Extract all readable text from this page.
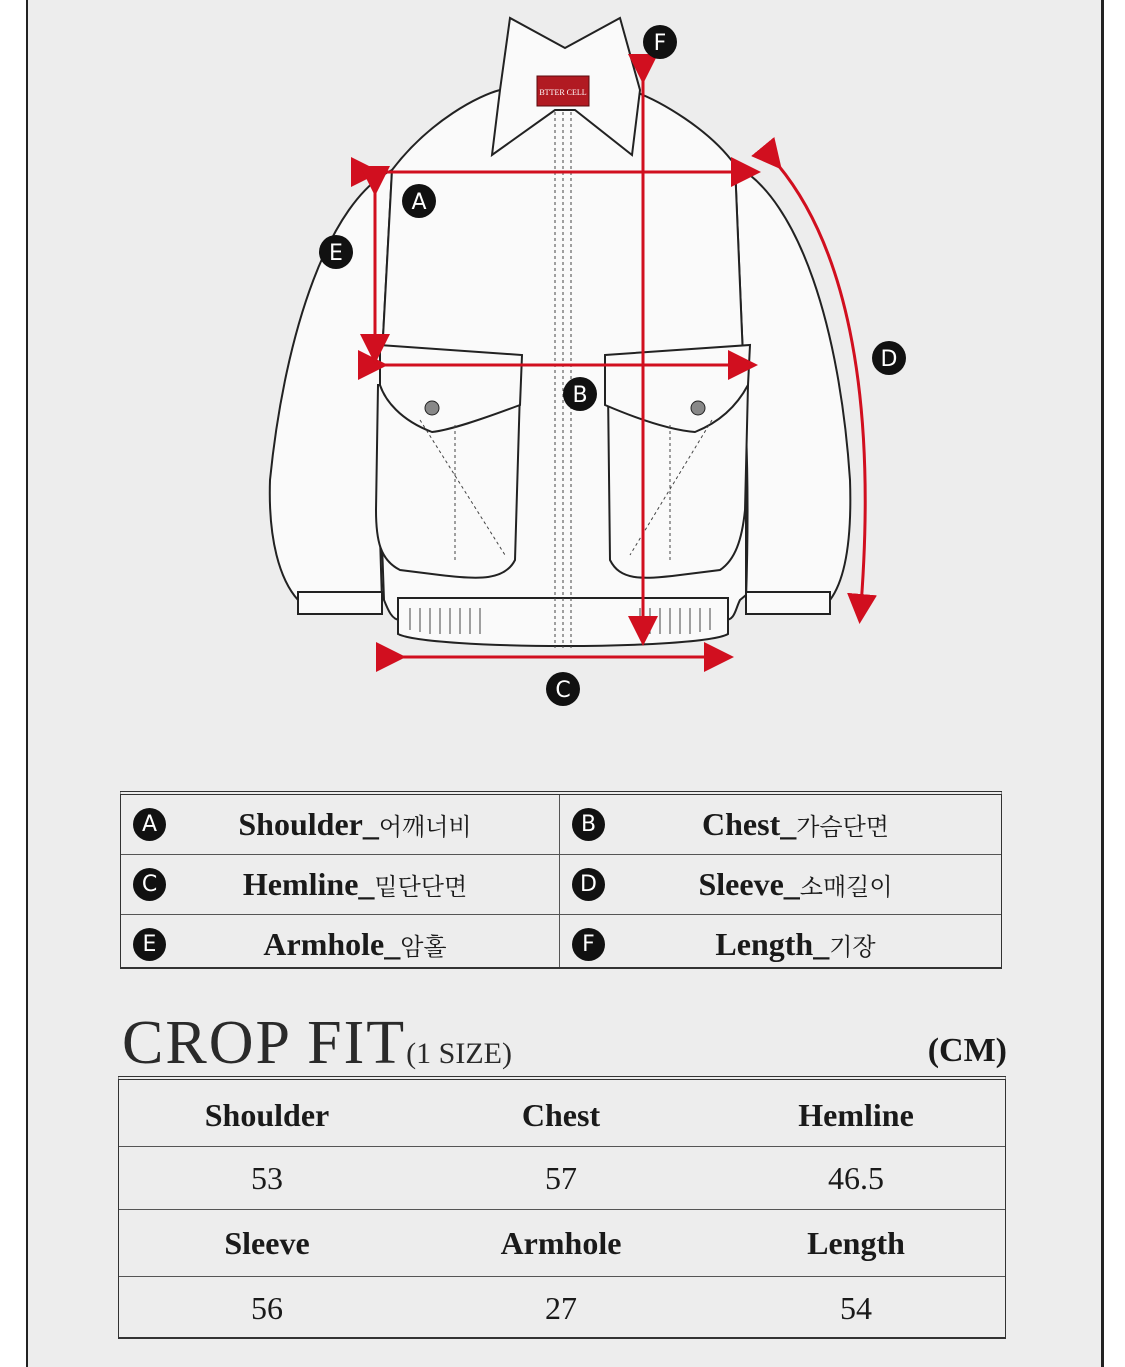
BTTER CELL
A
B
C
D
E
F
A	Shoulder_어깨너비	B	Chest_가슴단면
C	Hemline_밑단단면	D	Sleeve_소매길이
E	Armhole_암홀	F	Length_기장
CROP FIT(1 SIZE)	(CM)
Shoulder	Chest	Hemline
53	57	46.5
Sleeve	Armhole	Length
56	27	54
